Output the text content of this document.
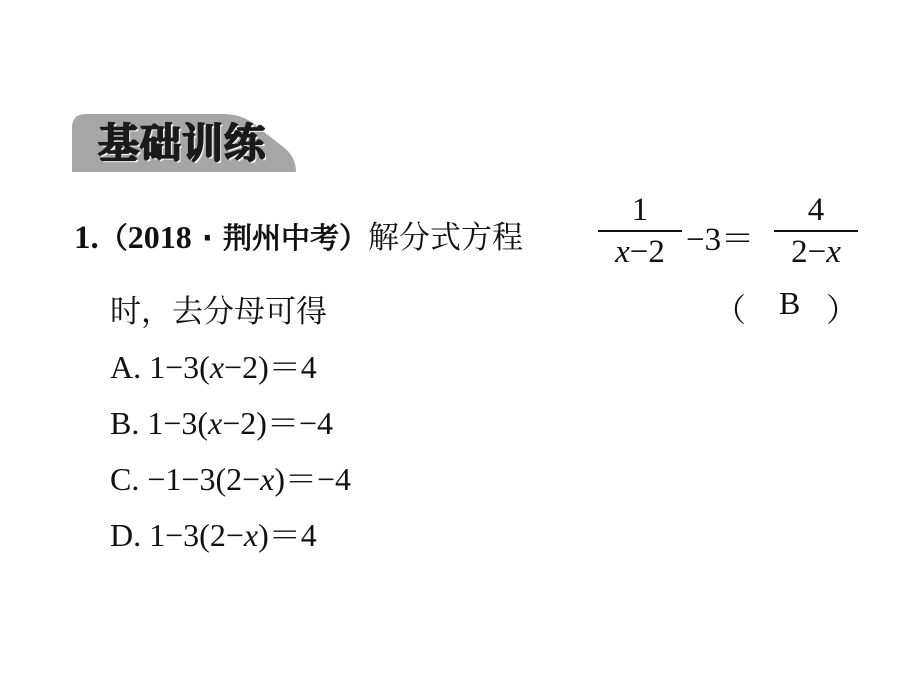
基础训练
1.（2018 · 荆州中考）解分式方程
1
x−2 −3＝
4
2−x
时，去分母可得	（ B ）
A. 1−3(x−2)＝4
B. 1−3(x−2)＝−4
C. −1−3(2−x)＝−4
D. 1−3(2−x)＝4
